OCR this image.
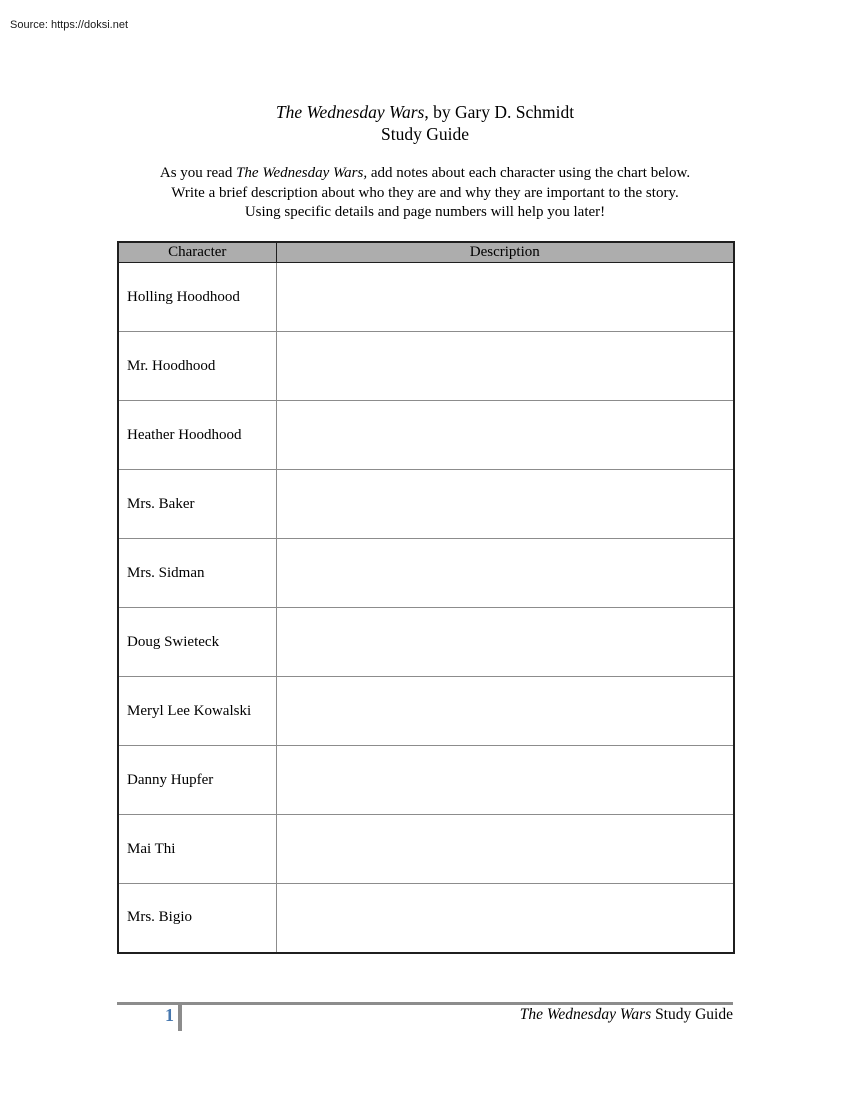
Source: https://doksi.net
The Wednesday Wars, by Gary D. Schmidt
Study Guide
As you read The Wednesday Wars, add notes about each character using the chart below.
Write a brief description about who they are and why they are important to the story.
Using specific details and page numbers will help you later!
Character	Description
Holling Hoodhood	
Mr. Hoodhood	
Heather Hoodhood	
Mrs. Baker	
Mrs. Sidman	
Doug Swieteck	
Meryl Lee Kowalski	
Danny Hupfer	
Mai Thi	
Mrs. Bigio	
1	The Wednesday Wars Study Guide
